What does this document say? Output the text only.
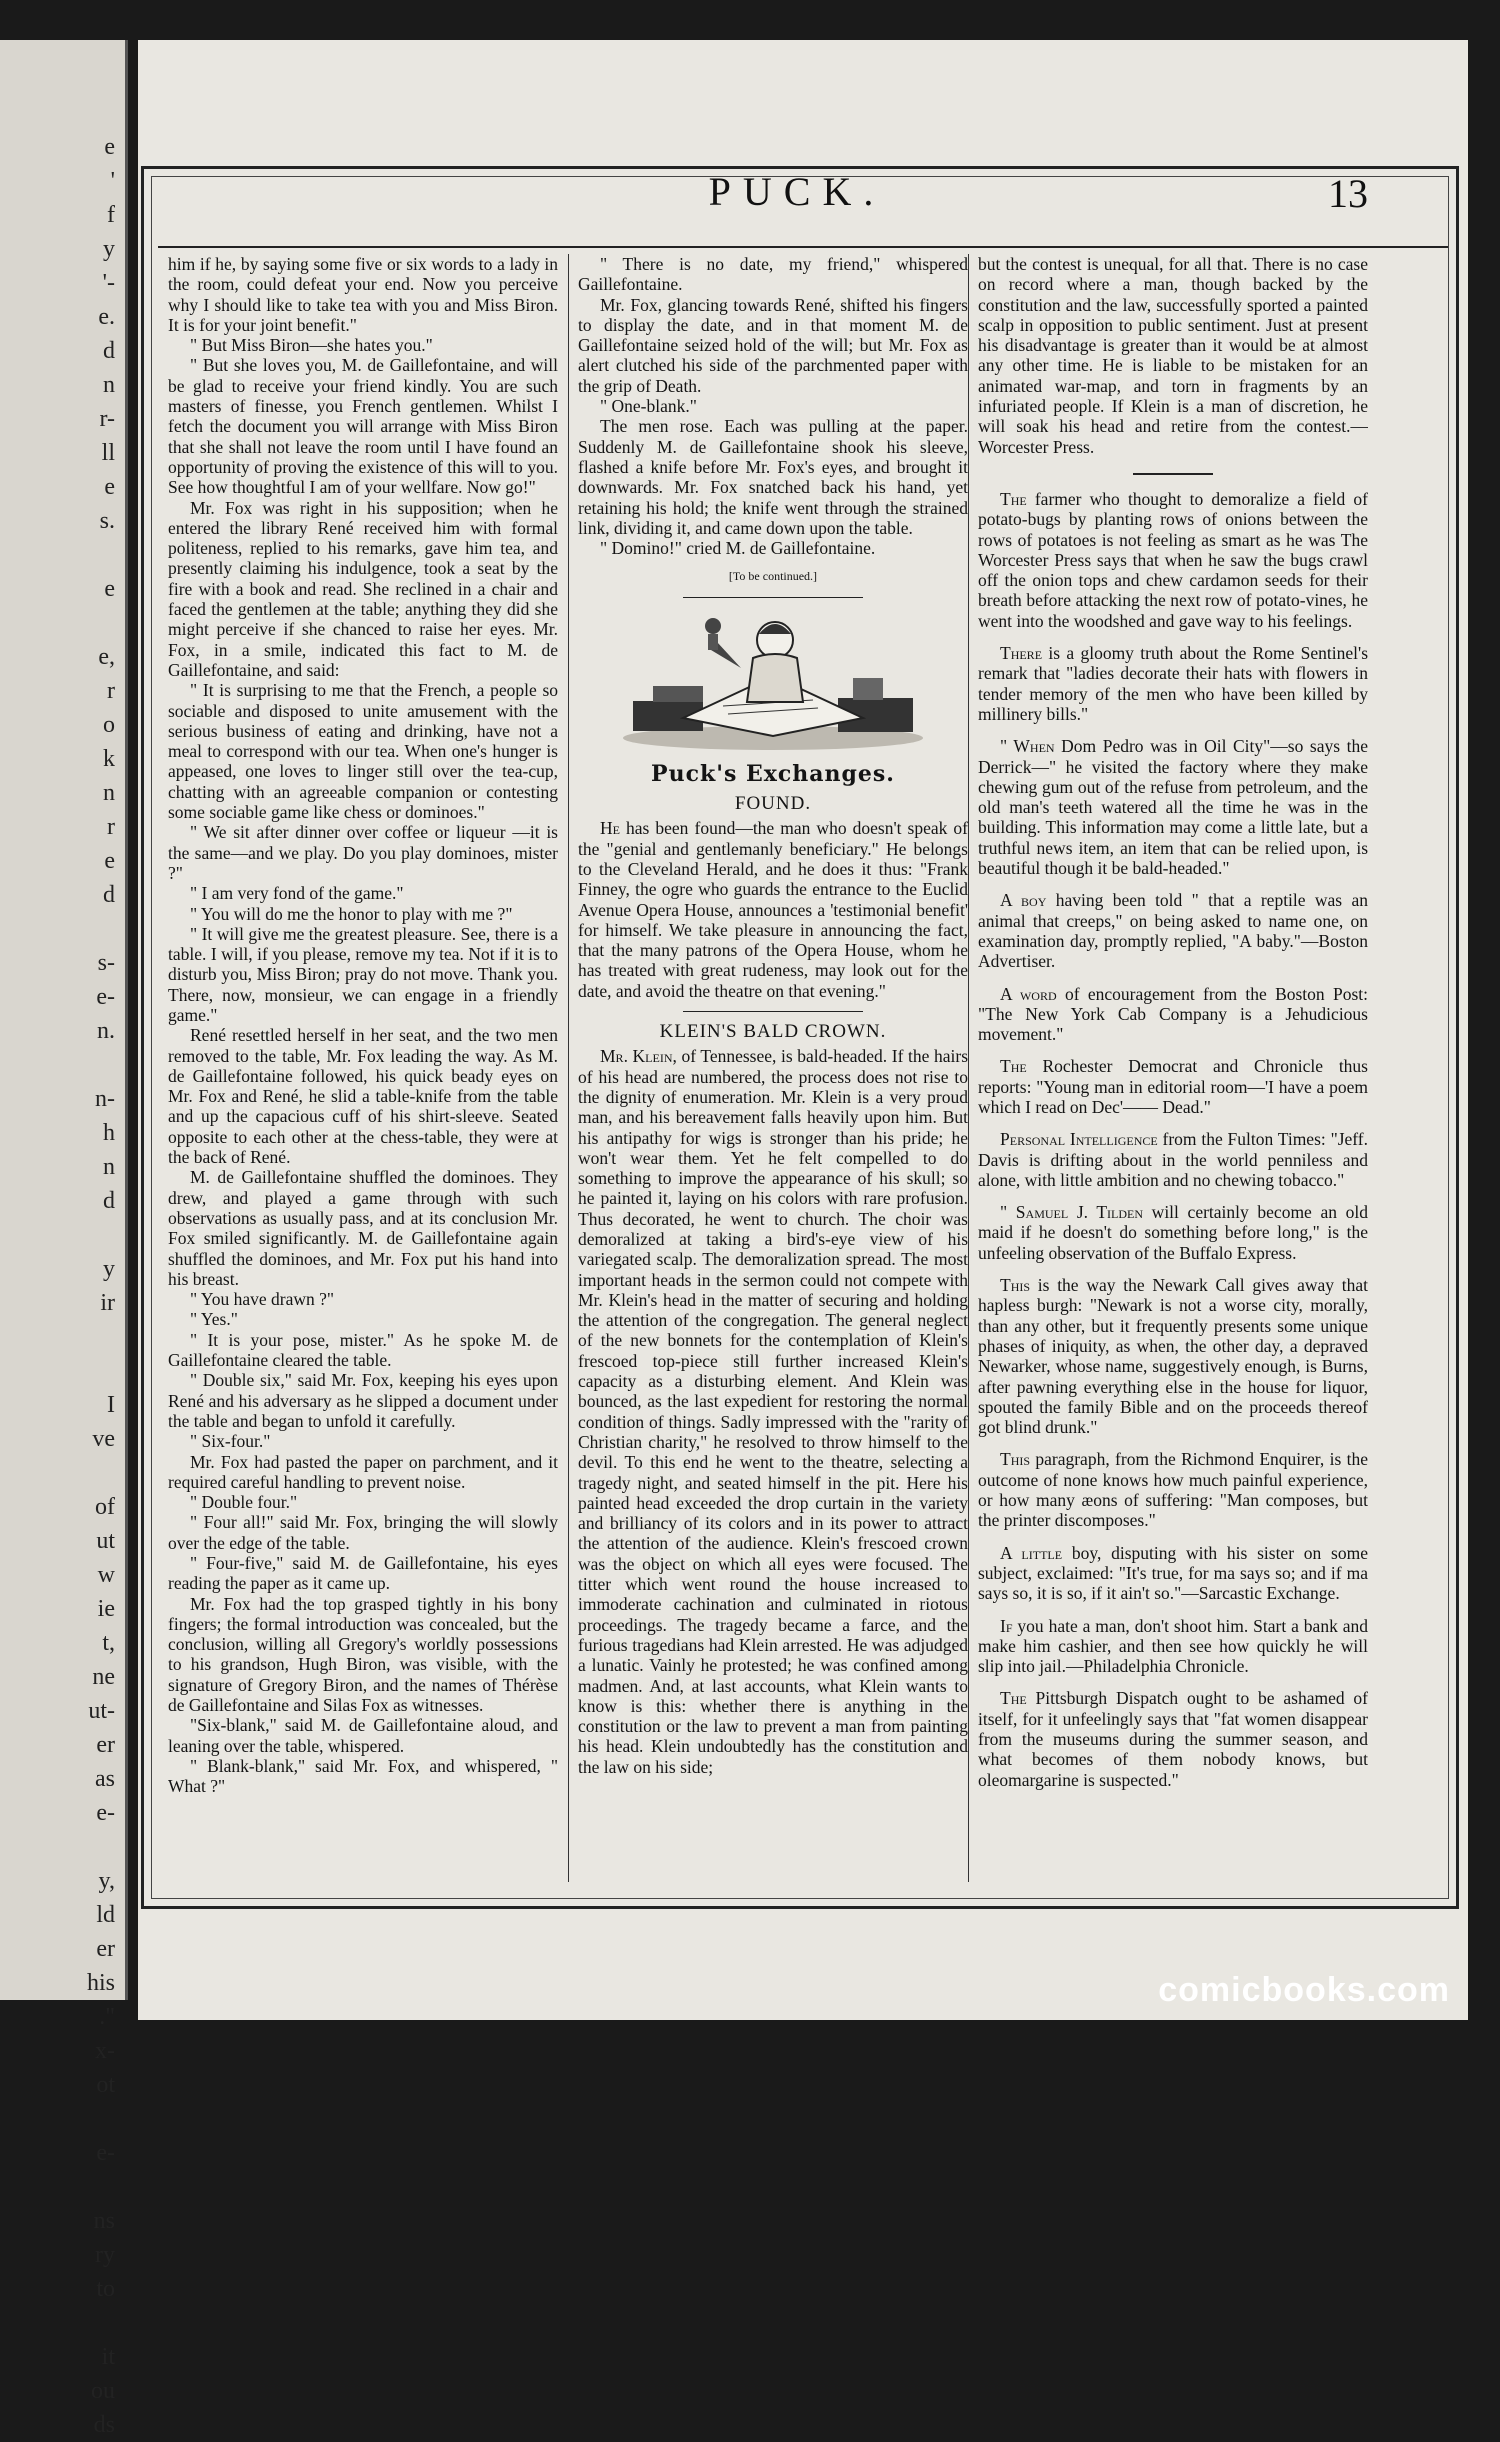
e
'
f
y
'-
e.
d
n
r-
ll
e
s.

e

e,
r
o
k
n
r
e
d

s-
e-
n.

n-
h
n
d

y
ir

I
ve

of
ut
w
ie
t,
ne
ut-
er
as
e-

y,
ld
er
his
."
x-
ot

e-

ns
ry
to

it
ou
ds
PUCK.	13

him if he, by saying some five or six words to a lady in the room, could defeat your end. Now you perceive why I should like to take tea with you and Miss Biron. It is for your joint benefit."

" But Miss Biron—she hates you."

" But she loves you, M. de Gaillefontaine, and will be glad to receive your friend kindly. You are such masters of finesse, you French gentlemen. Whilst I fetch the document you will arrange with Miss Biron that she shall not leave the room until I have found an opportunity of proving the existence of this will to you. See how thoughtful I am of your wellfare. Now go!"

Mr. Fox was right in his supposition; when he entered the library René received him with formal politeness, replied to his remarks, gave him tea, and presently claiming his indulgence, took a seat by the fire with a book and read. She reclined in a chair and faced the gentlemen at the table; anything they did she might perceive if she chanced to raise her eyes. Mr. Fox, in a smile, indicated this fact to M. de Gaillefontaine, and said:

" It is surprising to me that the French, a people so sociable and disposed to unite amusement with the serious business of eating and drinking, have not a meal to correspond with our tea. When one's hunger is appeased, one loves to linger still over the tea-cup, chatting with an agreeable companion or contesting some sociable game like chess or dominoes."

" We sit after dinner over coffee or liqueur —it is the same—and we play. Do you play dominoes, mister ?"

" I am very fond of the game."

" You will do me the honor to play with me ?"

" It will give me the greatest pleasure. See, there is a table. I will, if you please, remove my tea. Not if it is to disturb you, Miss Biron; pray do not move. Thank you. There, now, monsieur, we can engage in a friendly game."

René resettled herself in her seat, and the two men removed to the table, Mr. Fox leading the way. As M. de Gaillefontaine followed, his quick beady eyes on Mr. Fox and René, he slid a table-knife from the table and up the capacious cuff of his shirt-sleeve. Seated opposite to each other at the chess-table, they were at the back of René.

M. de Gaillefontaine shuffled the dominoes. They drew, and played a game through with such observations as usually pass, and at its conclusion Mr. Fox smiled significantly. M. de Gaillefontaine again shuffled the dominoes, and Mr. Fox put his hand into his breast.

" You have drawn ?"

" Yes."

" It is your pose, mister." As he spoke M. de Gaillefontaine cleared the table.

" Double six," said Mr. Fox, keeping his eyes upon René and his adversary as he slipped a document under the table and began to unfold it carefully.

" Six-four."

Mr. Fox had pasted the paper on parchment, and it required careful handling to prevent noise.

" Double four."

" Four all!" said Mr. Fox, bringing the will slowly over the edge of the table.

" Four-five," said M. de Gaillefontaine, his eyes reading the paper as it came up.

Mr. Fox had the top grasped tightly in his bony fingers; the formal introduction was concealed, but the conclusion, willing all Gregory's worldly possessions to his grandson, Hugh Biron, was visible, with the signature of Gregory Biron, and the names of Thérèse de Gaillefontaine and Silas Fox as witnesses.

"Six-blank," said M. de Gaillefontaine aloud, and leaning over the table, whispered.

" Blank-blank," said Mr. Fox, and whispered, " What ?"

" There is no date, my friend," whispered Gaillefontaine.

Mr. Fox, glancing towards René, shifted his fingers to display the date, and in that moment M. de Gaillefontaine seized hold of the will; but Mr. Fox as alert clutched his side of the parchmented paper with the grip of Death.

" One-blank."

The men rose. Each was pulling at the paper. Suddenly M. de Gaillefontaine shook his sleeve, flashed a knife before Mr. Fox's eyes, and brought it downwards. Mr. Fox snatched back his hand, yet retaining his hold; the knife went through the strained link, dividing it, and came down upon the table.

" Domino!" cried M. de Gaillefontaine.

[To be continued.]
Puck's Exchanges.
FOUND.

He has been found—the man who doesn't speak of the "genial and gentlemanly beneficiary." He belongs to the Cleveland Herald, and he does it thus: "Frank Finney, the ogre who guards the entrance to the Euclid Avenue Opera House, announces a 'testimonial benefit' for himself. We take pleasure in announcing the fact, that the many patrons of the Opera House, whom he has treated with great rudeness, may look out for the date, and avoid the theatre on that evening."

KLEIN'S BALD CROWN.

Mr. Klein, of Tennessee, is bald-headed. If the hairs of his head are numbered, the process does not rise to the dignity of enumeration. Mr. Klein is a very proud man, and his bereavement falls heavily upon him. But his antipathy for wigs is stronger than his pride; he won't wear them. Yet he felt compelled to do something to improve the appearance of his skull; so he painted it, laying on his colors with rare profusion. Thus decorated, he went to church. The choir was demoralized at taking a bird's-eye view of his variegated scalp. The demoralization spread. The most important heads in the sermon could not compete with Mr. Klein's head in the matter of securing and holding the attention of the congregation. The general neglect of the new bonnets for the contemplation of Klein's frescoed top-piece still further increased Klein's capacity as a disturbing element. And Klein was bounced, as the last expedient for restoring the normal condition of things. Sadly impressed with the "rarity of Christian charity," he resolved to throw himself to the devil. To this end he went to the theatre, selecting a tragedy night, and seated himself in the pit. Here his painted head exceeded the drop curtain in the variety and brilliancy of its colors and in its power to attract the attention of the audience. Klein's frescoed crown was the object on which all eyes were focused. The titter which went round the house increased to immoderate cachination and culminated in riotous proceedings. The tragedy became a farce, and the furious tragedians had Klein arrested. He was adjudged a lunatic. Vainly he protested; he was confined among madmen. And, at last accounts, what Klein wants to know is this: whether there is anything in the constitution or the law to prevent a man from painting his head. Klein undoubtedly has the constitution and the law on his side;

but the contest is unequal, for all that. There is no case on record where a man, though backed by the constitution and the law, successfully sported a painted scalp in opposition to public sentiment. Just at present his disadvantage is greater than it would be at almost any other time. He is liable to be mistaken for an animated war-map, and torn in fragments by an infuriated people. If Klein is a man of discretion, he will soak his head and retire from the contest.— Worcester Press.

The farmer who thought to demoralize a field of potato-bugs by planting rows of onions between the rows of potatoes is not feeling as smart as he was The Worcester Press says that when he saw the bugs crawl off the onion tops and chew cardamon seeds for their breath before attacking the next row of potato-vines, he went into the woodshed and gave way to his feelings.

There is a gloomy truth about the Rome Sentinel's remark that "ladies decorate their hats with flowers in tender memory of the men who have been killed by millinery bills."

" When Dom Pedro was in Oil City"—so says the Derrick—" he visited the factory where they make chewing gum out of the refuse from petroleum, and the old man's teeth watered all the time he was in the building. This information may come a little late, but a truthful news item, an item that can be relied upon, is beautiful though it be bald-headed."

A boy having been told " that a reptile was an animal that creeps," on being asked to name one, on examination day, promptly replied, "A baby."—Boston Advertiser.

A word of encouragement from the Boston Post: "The New York Cab Company is a Jehudicious movement."

The Rochester Democrat and Chronicle thus reports: "Young man in editorial room—'I have a poem which I read on Dec'—— Dead."

Personal Intelligence from the Fulton Times: "Jeff. Davis is drifting about in the world penniless and alone, with little ambition and no chewing tobacco."

" Samuel J. Tilden will certainly become an old maid if he doesn't do something before long," is the unfeeling observation of the Buffalo Express.

This is the way the Newark Call gives away that hapless burgh: "Newark is not a worse city, morally, than any other, but it frequently presents some unique phases of iniquity, as when, the other day, a depraved Newarker, whose name, suggestively enough, is Burns, after pawning everything else in the house for liquor, spouted the family Bible and on the proceeds thereof got blind drunk."

This paragraph, from the Richmond Enquirer, is the outcome of none knows how much painful experience, or how many æons of suffering: "Man composes, but the printer discomposes."

A little boy, disputing with his sister on some subject, exclaimed: "It's true, for ma says so; and if ma says so, it is so, if it ain't so."—Sarcastic Exchange.

If you hate a man, don't shoot him. Start a bank and make him cashier, and then see how quickly he will slip into jail.—Philadelphia Chronicle.

The Pittsburgh Dispatch ought to be ashamed of itself, for it unfeelingly says that "fat women disappear from the museums during the summer season, and what becomes of them nobody knows, but oleomargarine is suspected."

comicbooks.com
